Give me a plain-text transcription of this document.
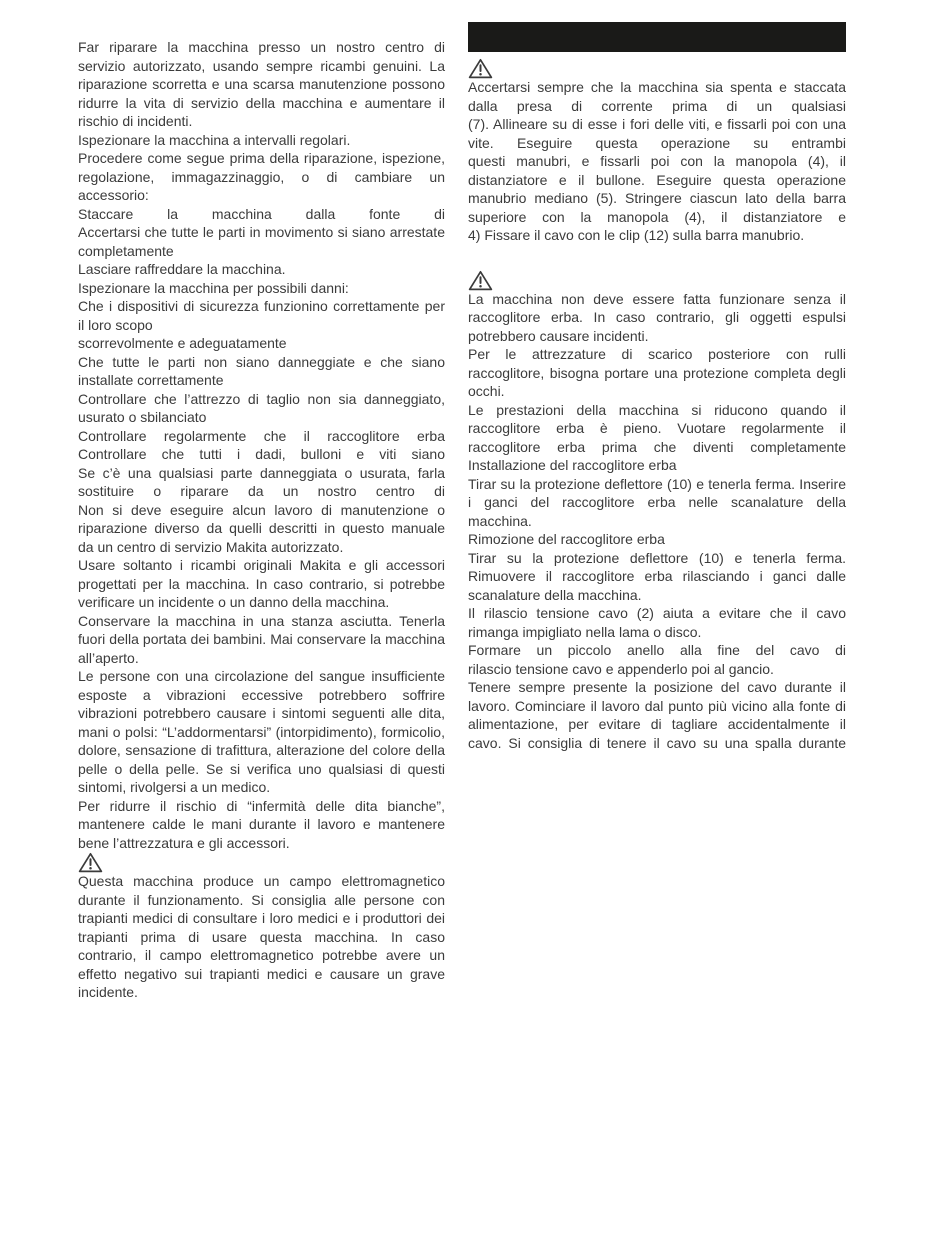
Far riparare la macchina presso un nostro centro di servizio autorizzato, usando sempre ricambi genuini. La riparazione scorretta e una scarsa manutenzione possono ridurre la vita di servizio della macchina e aumentare il rischio di incidenti.

Ispezionare la macchina a intervalli regolari.

Procedere come segue prima della riparazione, ispezione, regolazione, immagazzinaggio, o di cambiare un accessorio:

Staccare la macchina dalla fonte di

Accertarsi che tutte le parti in movimento si siano arrestate completamente

Lasciare raffreddare la macchina.

Ispezionare la macchina per possibili danni:

Che i dispositivi di sicurezza funzionino correttamente per il loro scopo

scorrevolmente e adeguatamente

Che tutte le parti non siano danneggiate e che siano installate correttamente

Controllare che l’attrezzo di taglio non sia danneggiato, usurato o sbilanciato

Controllare regolarmente che il raccoglitore erba

Controllare che tutti i dadi, bulloni e viti siano

Se c’è una qualsiasi parte danneggiata o usurata, farla sostituire o riparare da un nostro centro di

Non si deve eseguire alcun lavoro di manutenzione o riparazione diverso da quelli descritti in questo manuale

da un centro di servizio Makita autorizzato.

Usare soltanto i ricambi originali Makita e gli accessori progettati per la macchina. In caso contrario, si potrebbe verificare un incidente o un danno della macchina.

Conservare la macchina in una stanza asciutta. Tenerla fuori della portata dei bambini. Mai conservare la macchina all’aperto.

Le persone con una circolazione del sangue insufficiente esposte a vibrazioni eccessive potrebbero soffrire

vibrazioni potrebbero causare i sintomi seguenti alle dita, mani o polsi: “L’addormentarsi” (intorpidimento), formicolio, dolore, sensazione di trafittura, alterazione del colore della pelle o della pelle. Se si verifica uno qualsiasi di questi sintomi, rivolgersi a un medico.

Per ridurre il rischio di “infermità delle dita bianche”, mantenere calde le mani durante il lavoro e mantenere bene l’attrezzatura e gli accessori.

Questa macchina produce un campo elettromagnetico durante il funzionamento. Si consiglia alle persone con trapianti medici di consultare i loro medici e i produttori dei trapianti prima di usare questa macchina. In caso contrario, il campo elettromagnetico potrebbe avere un effetto negativo sui trapianti medici e causare un grave incidente.

Accertarsi sempre che la macchina sia spenta e staccata dalla presa di corrente prima di un qualsiasi

(7). Allineare su di esse i fori delle viti, e fissarli poi con una vite. Eseguire questa operazione su entrambi

questi manubri, e fissarli poi con la manopola (4), il distanziatore e il bullone. Eseguire questa operazione

manubrio mediano (5). Stringere ciascun lato della barra superiore con la manopola (4), il distanziatore e

4) Fissare il cavo con le clip (12) sulla barra manubrio.

La macchina non deve essere fatta funzionare senza il raccoglitore erba. In caso contrario, gli oggetti espulsi potrebbero causare incidenti.

Per le attrezzature di scarico posteriore con rulli

raccoglitore, bisogna portare una protezione completa degli occhi.

Le prestazioni della macchina si riducono quando il raccoglitore erba è pieno. Vuotare regolarmente il raccoglitore erba prima che diventi completamente

Installazione del raccoglitore erba

Tirar su la protezione deflettore (10) e tenerla ferma. Inserire i ganci del raccoglitore erba nelle scanalature della macchina.

Rimozione del raccoglitore erba

Tirar su la protezione deflettore (10) e tenerla ferma. Rimuovere il raccoglitore erba rilasciando i ganci dalle scanalature della macchina.

Il rilascio tensione cavo (2) aiuta a evitare che il cavo rimanga impigliato nella lama o disco.

Formare un piccolo anello alla fine del cavo di

rilascio tensione cavo e appenderlo poi al gancio.

Tenere sempre presente la posizione del cavo durante il lavoro. Cominciare il lavoro dal punto più vicino alla fonte di alimentazione, per evitare di tagliare accidentalmente il cavo. Si consiglia di tenere il cavo su una spalla durante
